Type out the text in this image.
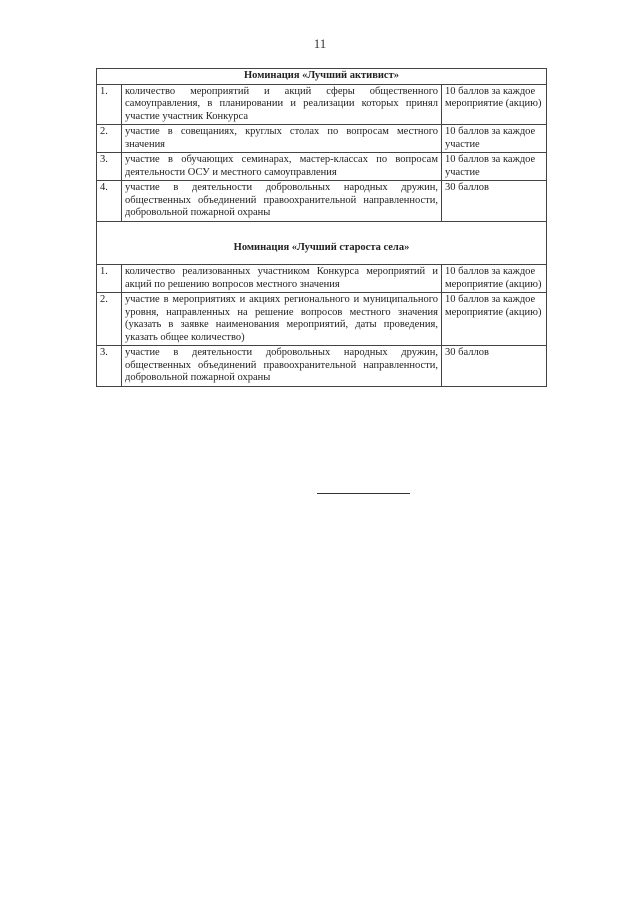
11
Номинация «Лучший активист»		
1.	количество мероприятий и акций сферы общественного самоуправления, в планировании и реализации которых принял участие участник Конкурса	10 баллов за каждое мероприятие (акцию)
2.	участие в совещаниях, круглых столах по вопросам местного значения	10 баллов за каждое участие
3.	участие в обучающих семинарах, мастер-классах по вопросам деятельности ОСУ и местного самоуправления	10 баллов за каждое участие
4.	участие в деятельности добровольных народных дружин, общественных объединений правоохранительной направленности, добровольной пожарной охраны	30 баллов
Номинация «Лучший староста села»		
1.	количество реализованных участником Конкурса мероприятий и акций по решению вопросов местного значения	10 баллов за каждое мероприятие (акцию)
2.	участие в мероприятиях и акциях регионального и муниципального уровня, направленных на решение вопросов местного значения (указать в заявке наименования мероприятий, даты проведения, указать общее количество)	10 баллов за каждое мероприятие (акцию)
3.	участие в деятельности добровольных народных дружин, общественных объединений правоохранительной направленности, добровольной пожарной охраны	30 баллов
